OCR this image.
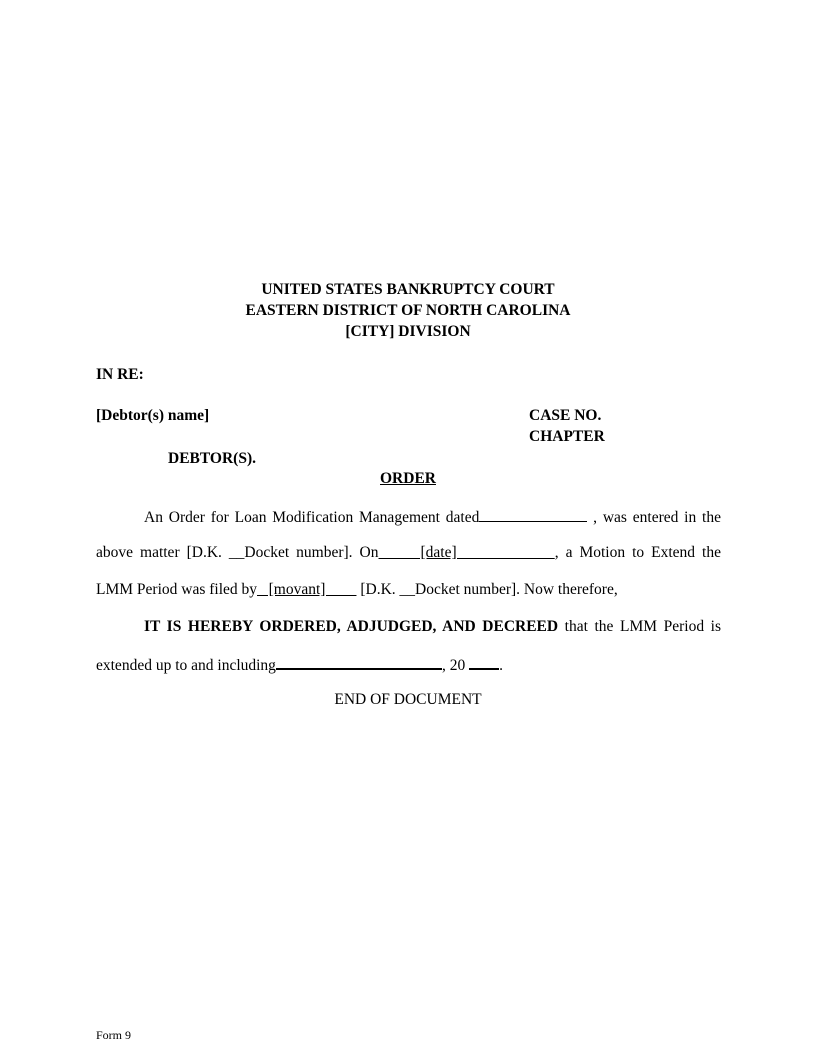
UNITED STATES BANKRUPTCY COURT
EASTERN DISTRICT OF NORTH CAROLINA
[CITY] DIVISION
IN RE:
[Debtor(s) name]	CASE NO.
CHAPTER
DEBTOR(S).
ORDER
An Order for Loan Modification Management dated	, was entered in the
above matter [D.K. __Docket number]. On      [date]              , a Motion to Extend the
LMM Period was filed by   [movant]         [D.K. __Docket number]. Now therefore,
IT IS HEREBY ORDERED, ADJUDGED, AND DECREED that the LMM Period is
extended up to and including	, 20 .
END OF DOCUMENT
Form 9
